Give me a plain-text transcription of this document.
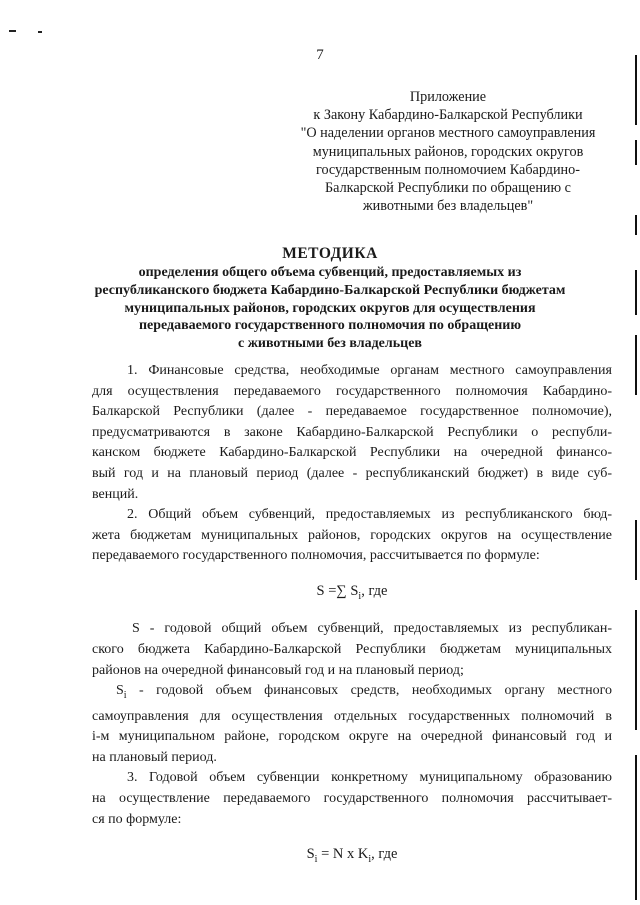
7
Приложение
к Закону Кабардино-Балкарской Республики
"О наделении органов местного самоуправления
муниципальных районов, городских округов
государственным полномочием Кабардино-
Балкарской Республики по обращению с
животными без владельцев"
МЕТОДИКА
определения общего объема субвенций, предоставляемых из
республиканского бюджета Кабардино-Балкарской Республики бюджетам
муниципальных районов, городских округов для осуществления
передаваемого государственного полномочия по обращению
с животными без владельцев
1. Финансовые средства, необходимые органам местного самоуправления
для осуществления передаваемого государственного полномочия Кабардино-
Балкарской Республики (далее - передаваемое государственное полномочие),
предусматриваются в законе Кабардино-Балкарской Республики о республи-
канском бюджете Кабардино-Балкарской Республики на очередной финансо-
вый год и на плановый период (далее - республиканский бюджет) в виде суб-
венций.
2. Общий объем субвенций, предоставляемых из республиканского бюд-
жета бюджетам муниципальных районов, городских округов на осуществление
передаваемого государственного полномочия, рассчитывается по формуле:
S =∑ $S_i$, где
S - годовой общий объем субвенций, предоставляемых из республикан-
ского бюджета Кабардино-Балкарской Республики бюджетам муниципальных
районов на очередной финансовый год и на плановый период;
$S_i$ - годовой объем финансовых средств, необходимых органу местного
самоуправления для осуществления отдельных государственных полномочий в
i-м муниципальном районе, городском округе на очередной финансовый год и
на плановый период.
3. Годовой объем субвенции конкретному муниципальному образованию
на осуществление передаваемого государственного полномочия рассчитывает-
ся по формуле:
$S_i = N$ x $K_i$, где
